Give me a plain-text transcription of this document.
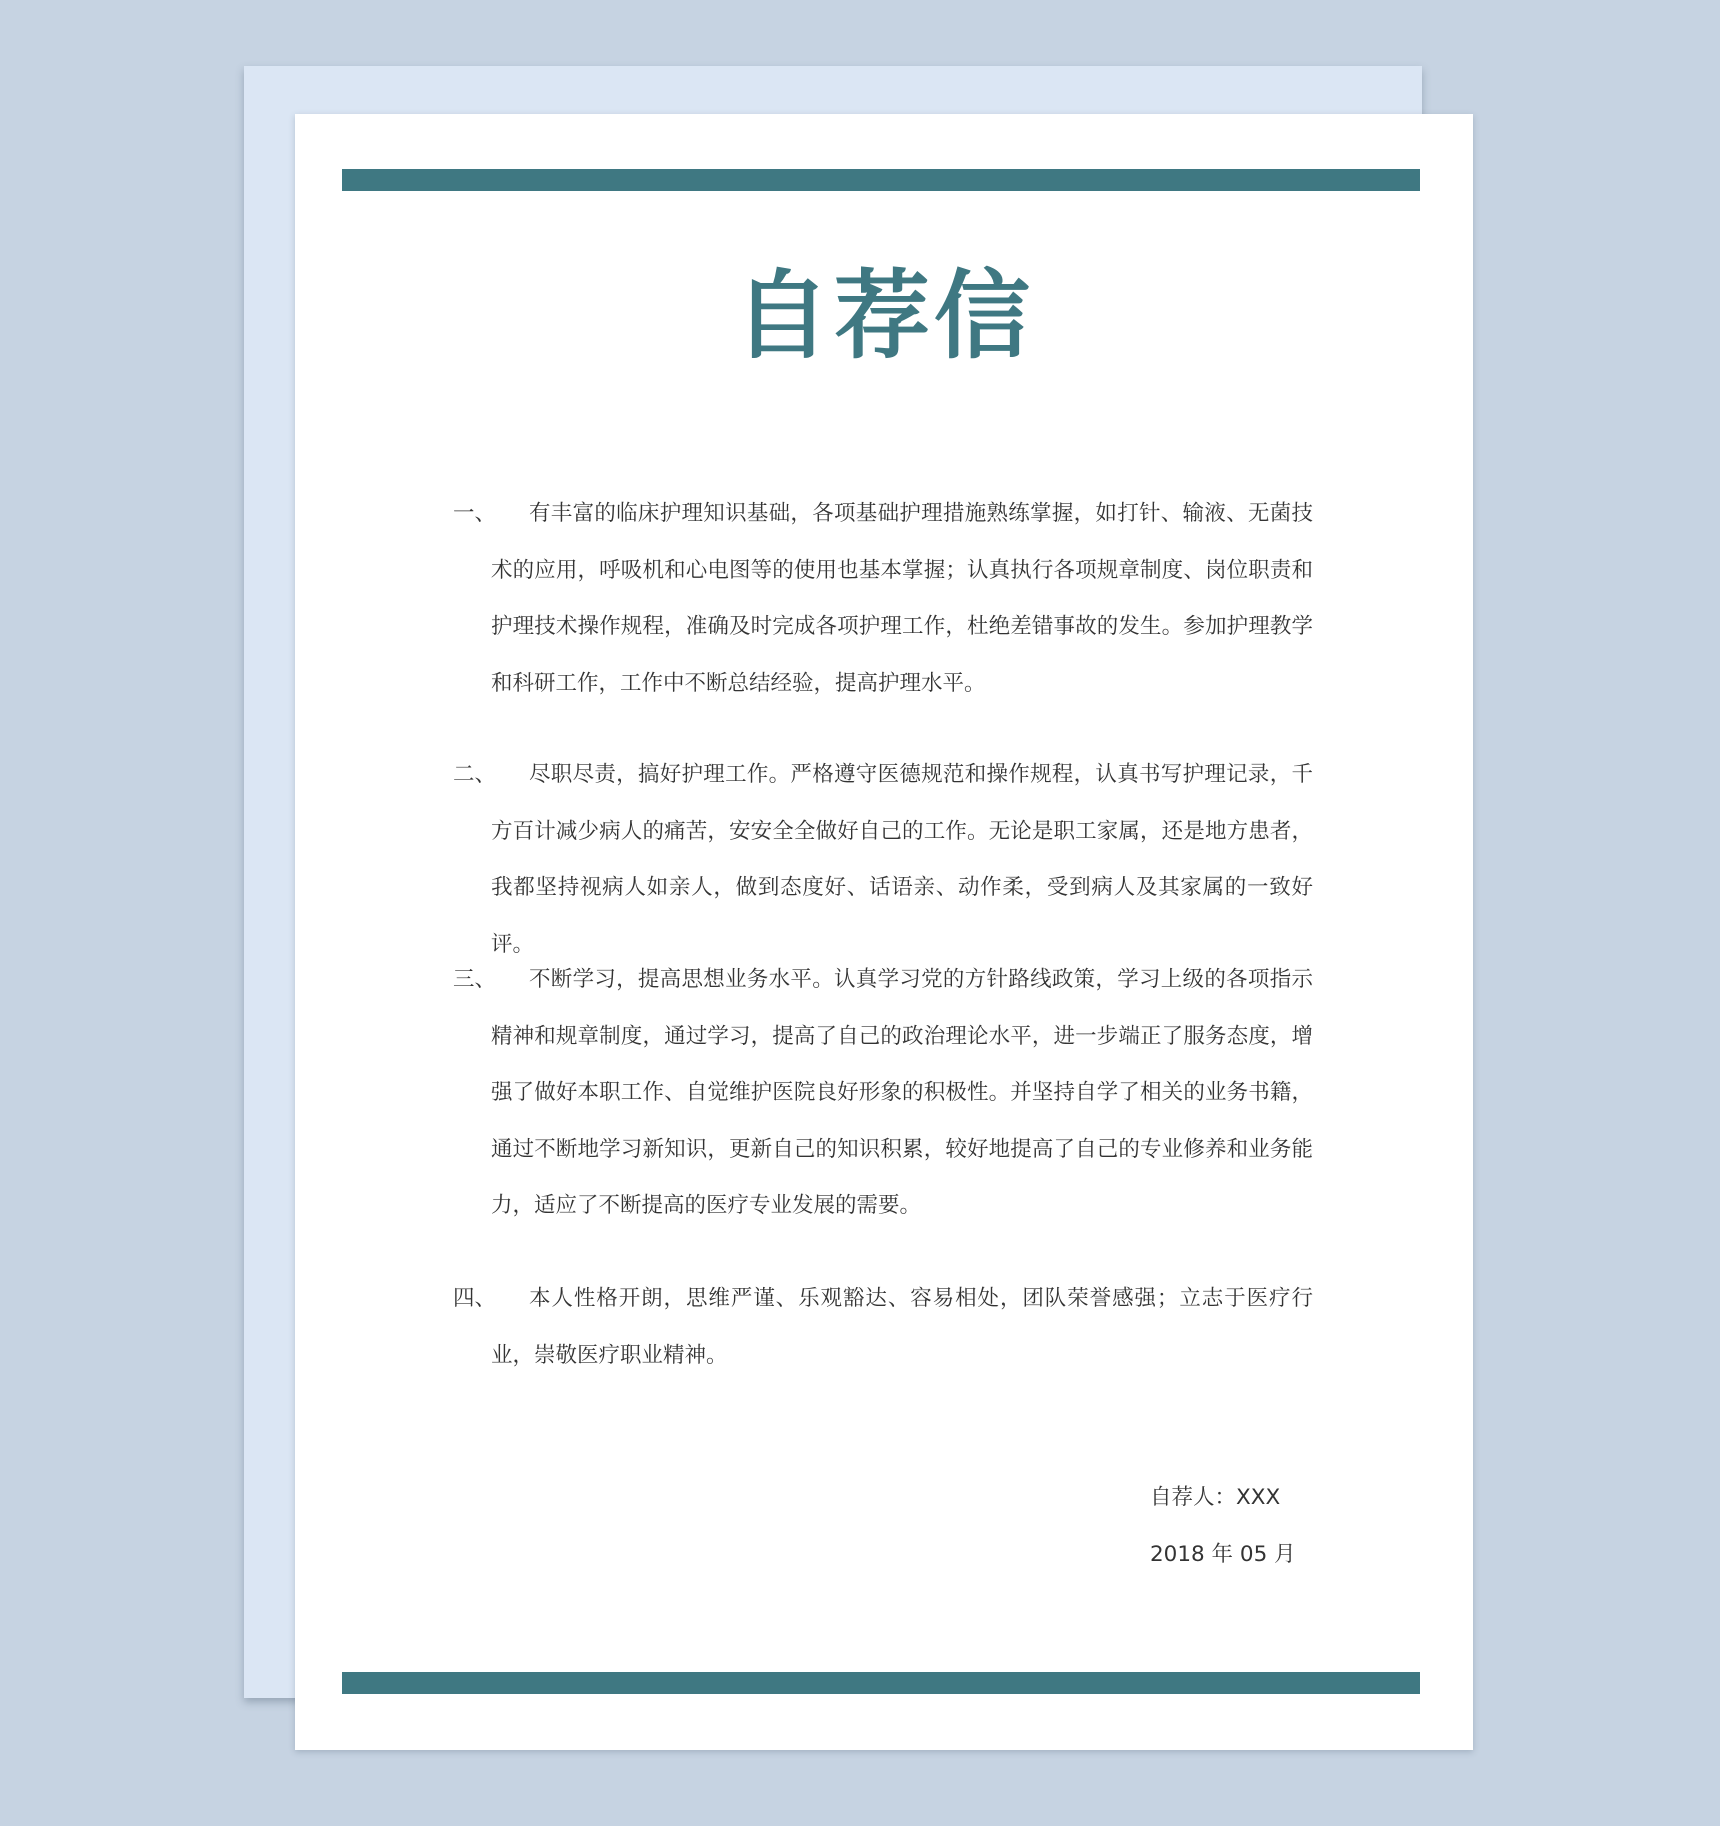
自荐信
一、	有丰富的临床护理知识基础，各项基础护理措施熟练掌握，如打针、输液、无菌技术的应用，呼吸机和心电图等的使用也基本掌握；认真执行各项规章制度、岗位职责和护理技术操作规程，准确及时完成各项护理工作，杜绝差错事故的发生。参加护理教学和科研工作，工作中不断总结经验，提高护理水平。
二、	尽职尽责，搞好护理工作。严格遵守医德规范和操作规程，认真书写护理记录，千方百计减少病人的痛苦，安安全全做好自己的工作。无论是职工家属，还是地方患者，我都坚持视病人如亲人，做到态度好、话语亲、动作柔，受到病人及其家属的一致好评。
三、	不断学习，提高思想业务水平。认真学习党的方针路线政策，学习上级的各项指示精神和规章制度，通过学习，提高了自己的政治理论水平，进一步端正了服务态度，增强了做好本职工作、自觉维护医院良好形象的积极性。并坚持自学了相关的业务书籍，通过不断地学习新知识，更新自己的知识积累，较好地提高了自己的专业修养和业务能力，适应了不断提高的医疗专业发展的需要。
四、	本人性格开朗，思维严谨、乐观豁达、容易相处，团队荣誉感强；立志于医疗行业，崇敬医疗职业精神。
自荐人：XXX
2018 年 05 月
